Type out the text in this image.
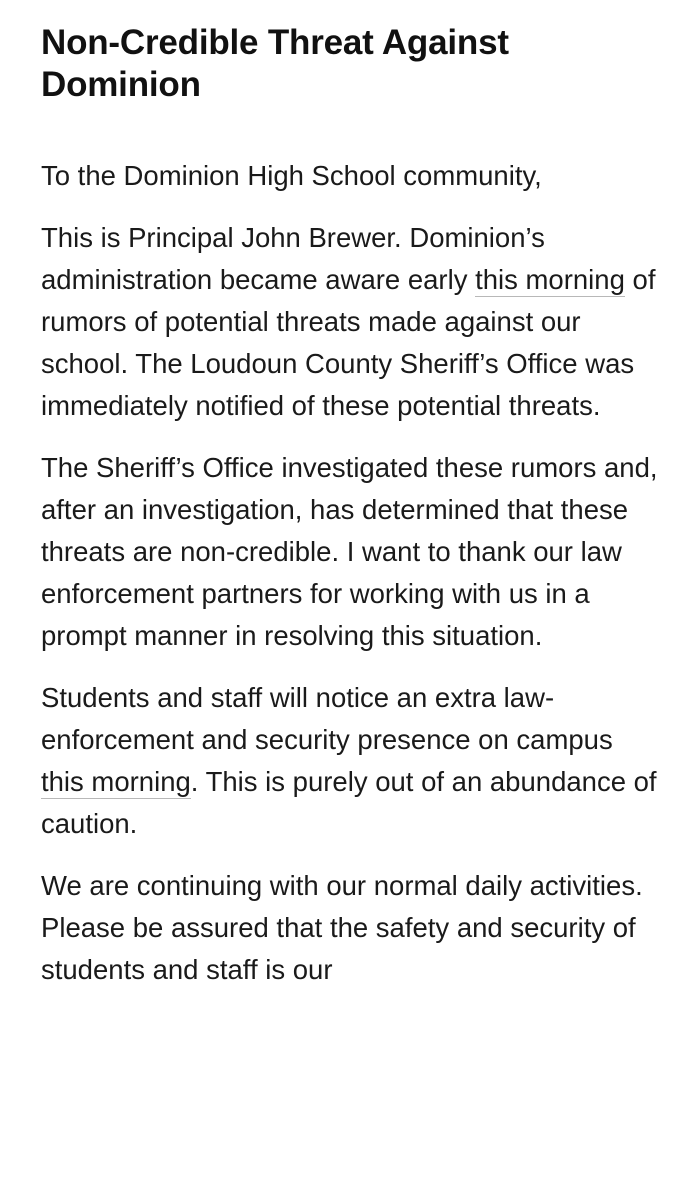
Non-Credible Threat Against Dominion

To the Dominion High School community,

This is Principal John Brewer. Dominion’s administration became aware early this morning of rumors of potential threats made against our school. The Loudoun County Sheriff’s Office was immediately notified of these potential threats.

The Sheriff’s Office investigated these rumors and, after an investigation, has determined that these threats are non-credible. I want to thank our law enforcement partners for working with us in a prompt manner in resolving this situation.

Students and staff will notice an extra law-enforcement and security presence on campus this morning. This is purely out of an abundance of caution.

We are continuing with our normal daily activities. Please be assured that the safety and security of students and staff is our
